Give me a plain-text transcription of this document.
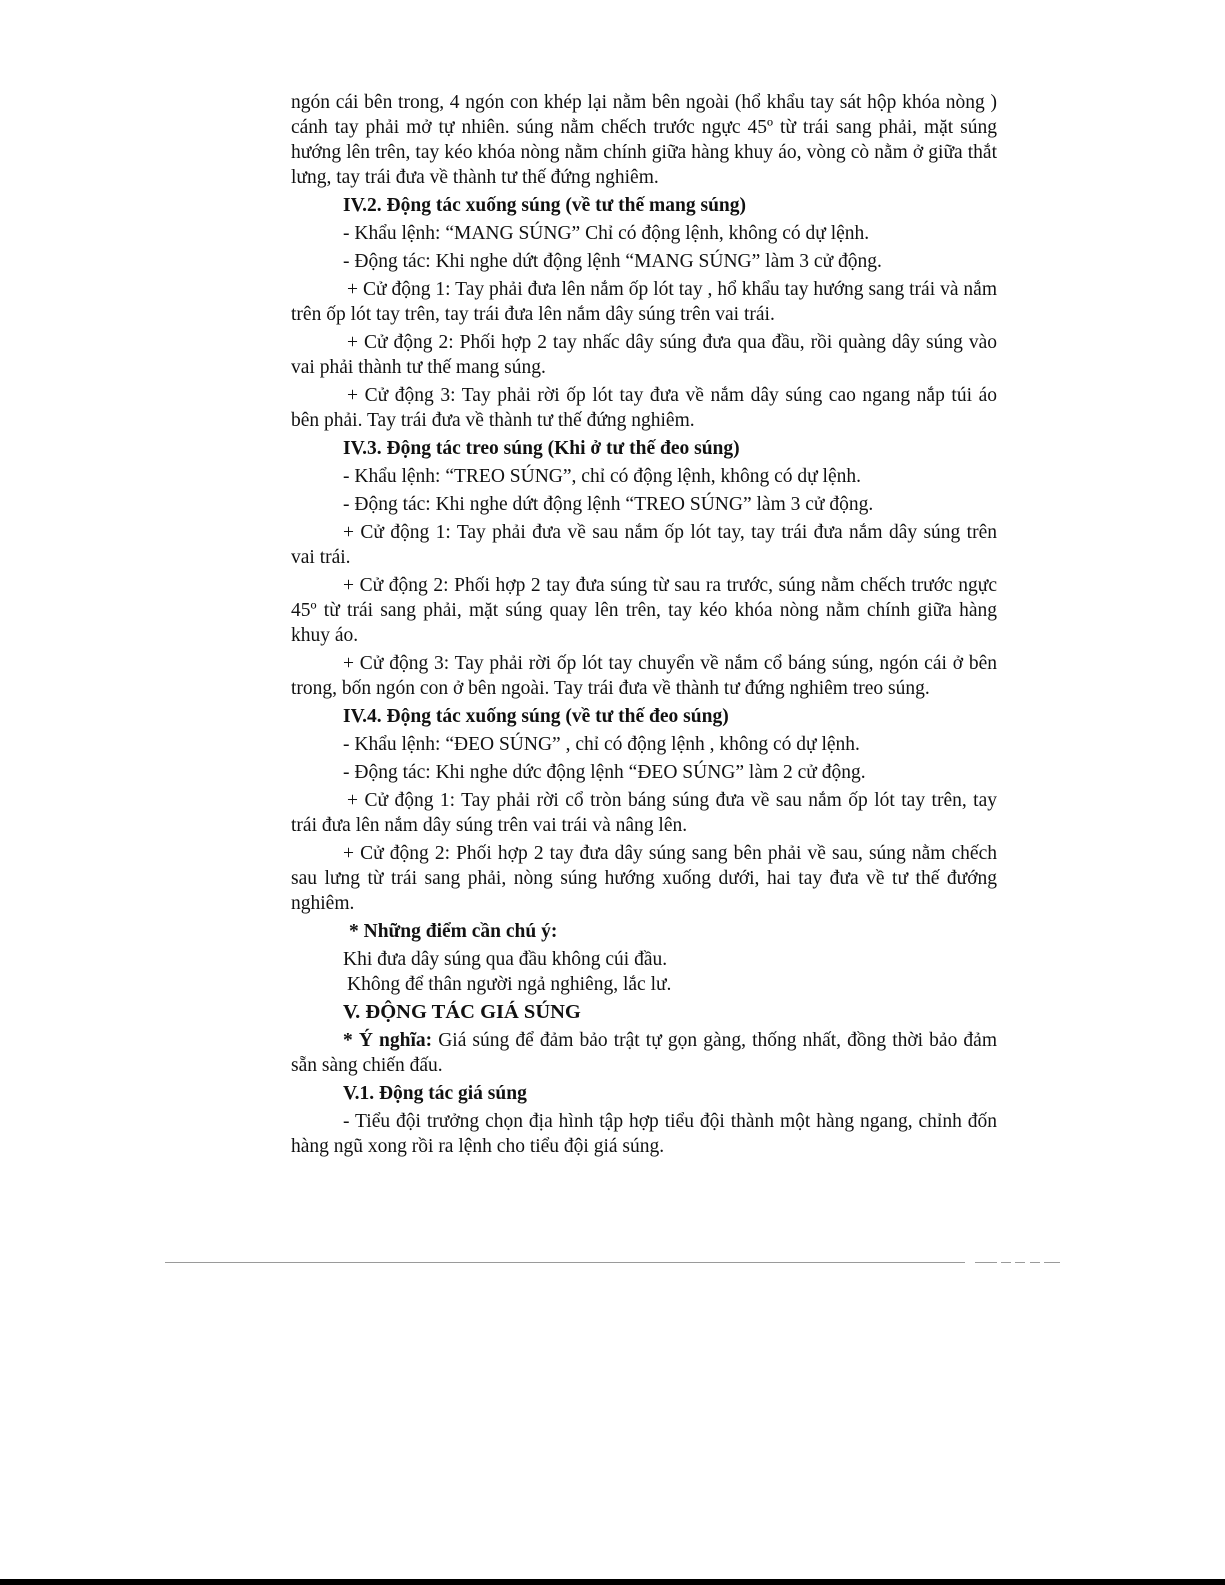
ngón cái bên trong, 4 ngón con khép lại nằm bên ngoài (hổ khẩu tay sát hộp khóa nòng ) cánh tay phải mở tự nhiên. súng nằm chếch trước ngực 45º từ trái sang phải, mặt súng hướng lên trên, tay kéo khóa nòng nằm chính giữa hàng khuy áo, vòng cò nằm ở giữa thắt lưng, tay trái đưa về thành tư thế đứng nghiêm.

IV.2. Động tác xuống súng (về tư thế mang súng)

- Khẩu lệnh: “MANG SÚNG” Chỉ có động lệnh, không có dự lệnh.

- Động tác: Khi nghe dứt động lệnh “MANG SÚNG” làm 3 cử động.

+ Cử động 1: Tay phải đưa lên nắm ốp lót tay , hổ khẩu tay hướng sang trái và nắm trên ốp lót tay trên, tay trái đưa lên nắm dây súng trên vai trái.

+ Cử động 2: Phối hợp 2 tay nhấc dây súng đưa qua đầu, rồi quàng dây súng vào vai phải thành tư thế mang súng.

+ Cử động 3: Tay phải rời ốp lót tay đưa về nắm dây súng cao ngang nắp túi áo bên phải. Tay trái đưa về thành tư thế đứng nghiêm.

IV.3. Động tác treo súng (Khi ở tư thế đeo súng)

- Khẩu lệnh: “TREO SÚNG”, chỉ có động lệnh, không có dự lệnh.

- Động tác: Khi nghe dứt động lệnh “TREO SÚNG” làm 3 cử động.

+ Cử động 1: Tay phải đưa về sau nắm ốp lót tay, tay trái đưa nắm dây súng trên vai trái.

+ Cử động 2: Phối hợp 2 tay đưa súng từ sau ra trước, súng nằm chếch trước ngực 45º từ trái sang phải, mặt súng quay lên trên, tay kéo khóa nòng nằm chính giữa hàng khuy áo.

+ Cử động 3: Tay phải rời ốp lót tay chuyển về nắm cổ báng súng, ngón cái ở bên trong, bốn ngón con ở bên ngoài. Tay trái đưa về thành tư đứng nghiêm treo súng.

IV.4. Động tác xuống súng (về tư thế đeo súng)

- Khẩu lệnh: “ĐEO SÚNG” , chỉ có động lệnh , không có dự lệnh.

- Động tác: Khi nghe dức động lệnh “ĐEO SÚNG” làm 2 cử động.

+ Cử động 1: Tay phải rời cổ tròn báng súng đưa về sau nắm ốp lót tay trên, tay trái đưa lên nắm dây súng trên vai trái và nâng lên.

+ Cử động 2: Phối hợp 2 tay đưa dây súng sang bên phải về sau, súng nằm chếch sau lưng từ trái sang phải, nòng súng hướng xuống dưới, hai tay đưa về tư thế đướng nghiêm.

* Những điểm cần chú ý:

Khi đưa dây súng qua đầu không cúi đầu.

Không để thân người ngả nghiêng, lắc lư.

V. ĐỘNG TÁC GIÁ SÚNG

* Ý nghĩa: Giá súng để đảm bảo trật tự gọn gàng, thống nhất, đồng thời bảo đảm sẵn sàng chiến đấu.

V.1. Động tác giá súng

- Tiểu đội trưởng chọn địa hình tập hợp tiểu đội thành một hàng ngang, chỉnh đốn hàng ngũ xong rồi ra lệnh cho tiểu đội giá súng.
